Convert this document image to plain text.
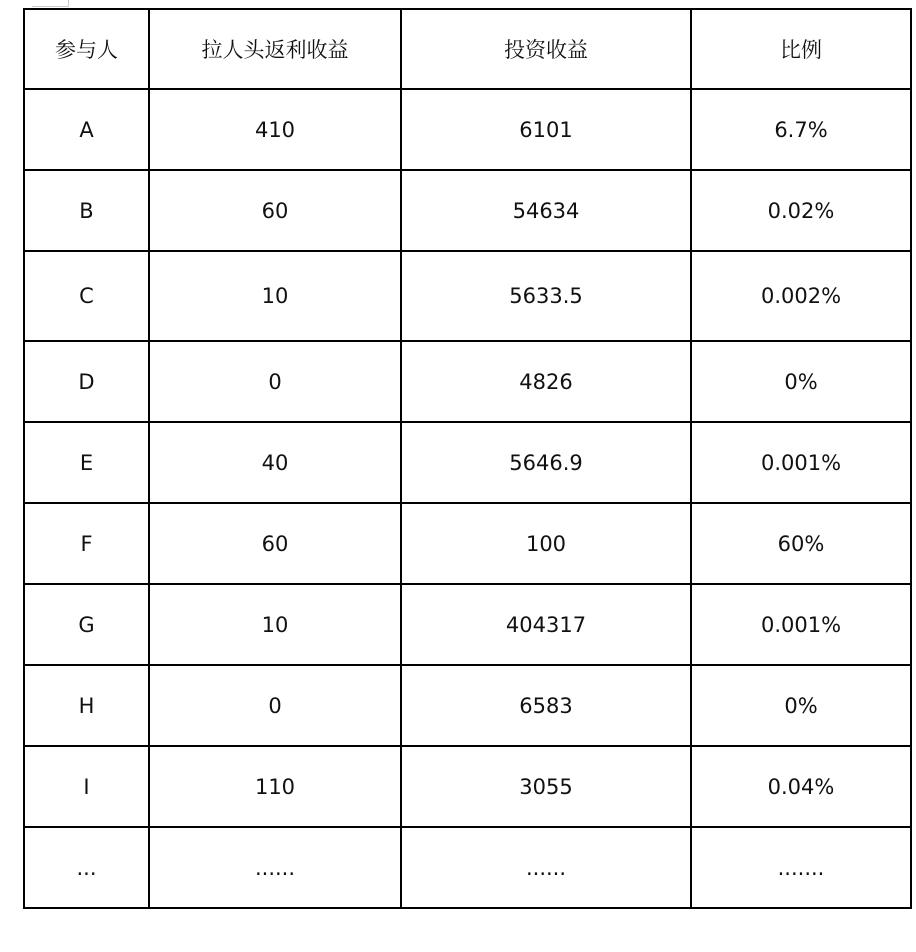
参与人	拉人头返利收益	投资收益	比例
A	410	6101	6.7%
B	60	54634	0.02%
C	10	5633.5	0.002%
D	0	4826	0%
E	40	5646.9	0.001%
F	60	100	60%
G	10	404317	0.001%
H	0	6583	0%
I	110	3055	0.04%
...	......	......	.......
